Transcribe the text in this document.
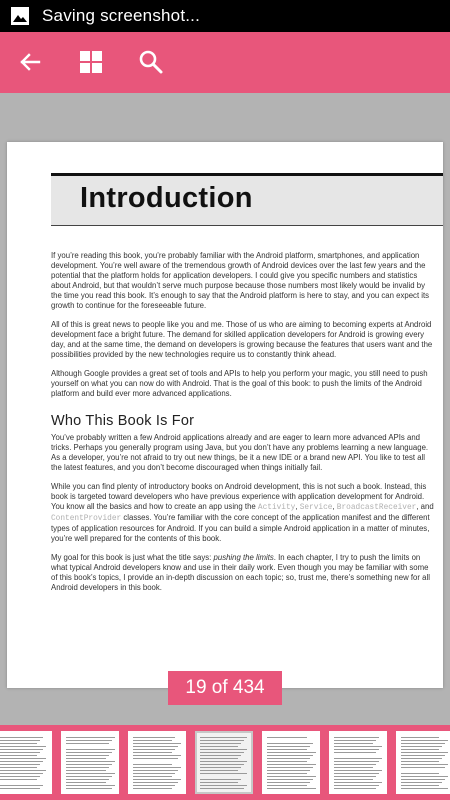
Saving screenshot...
Introduction

If you’re reading this book, you’re probably familiar with the Android platform, smartphones, and application development. You’re well aware of the tremendous growth of Android devices over the last few years and the potential that the platform holds for application developers. I could give you specific numbers and statistics about Android, but that wouldn’t serve much purpose because those numbers most likely would be invalid by the time you read this book. It’s enough to say that the Android platform is here to stay, and you can expect its growth to continue for the foreseeable future.

All of this is great news to people like you and me. Those of us who are aiming to becoming experts at Android development face a bright future. The demand for skilled application developers for Android is growing every day, and at the same time, the demand on developers is growing because the features that users want and the possibilities provided by the new technologies require us to constantly think ahead.

Although Google provides a great set of tools and APIs to help you perform your magic, you still need to push yourself on what you can now do with Android. That is the goal of this book: to push the limits of the Android platform and build ever more advanced applications.

Who This Book Is For

You’ve probably written a few Android applications already and are eager to learn more advanced APIs and tricks. Perhaps you generally program using Java, but you don’t have any problems learning a new language. As a developer, you’re not afraid to try out new things, be it a new IDE or a brand new API. You like to test all the latest features, and you don’t become discouraged when things initially fail.

While you can find plenty of introductory books on Android development, this is not such a book. Instead, this book is targeted toward developers who have previous experience with application development for Android. You know all the basics and how to create an app using the Activity, Service, BroadcastReceiver, and ContentProvider classes. You’re familiar with the core concept of the application manifest and the different types of application resources for Android. If you can build a simple Android application in a matter of minutes, you’re well prepared for the contents of this book.

My goal for this book is just what the title says: pushing the limits. In each chapter, I try to push the limits on what typical Android developers know and use in their daily work. Even though you may be familiar with some of this book’s topics, I provide an in-depth discussion on each topic; so, trust me, there’s something new for all Android developers in this book.

19 of 434
